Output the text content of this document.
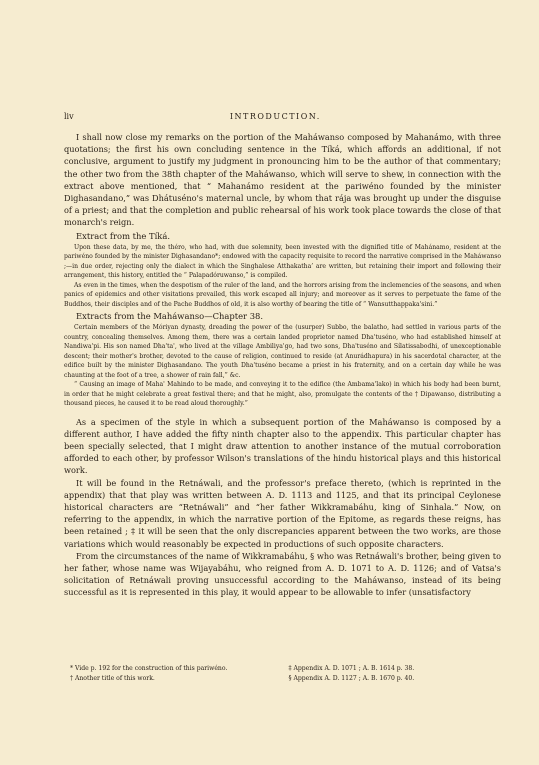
liv	INTRODUCTION.

I shall now close my remarks on the portion of the Maháwanso composed by Mahanámo, with three quotations; the first his own concluding sentence in the Tíká, which affords an additional, if not conclusive, argument to justify my judgment in pronouncing him to be the author of that commentary; the other two from the 38th chapter of the Maháwanso, which will serve to shew, in connection with the extract above mentioned, that “ Mahanámo resident at the pariwéno founded by the minister Dighasandano,” was Dhátuséno's maternal uncle, by whom that rája was brought up under the disguise of a priest; and that the completion and public rehearsal of his work took place towards the close of that monarch's reign.

Extract from the Tíká.

Upon these data, by me, the théro, who had, with due solemnity, been invested with the dignified title of Mahánamo, resident at the pariwéno founded by the minister Dighasandano*; endowed with the capacity requisite to record the narrative comprised in the Maháwanso ;—in due order, rejecting only the dialect in which the Singhalese Atthakatha’ are written, but retaining their import and following their arrangement, this history, entitled the “ Palapadóruwanso,” is compiled.

As even in the times, when the despotism of the ruler of the land, and the horrors arising from the inclemencies of the seasons, and when panics of epidemics and other visitations prevailed, this work escaped all injury; and moreover as it serves to perpetuate the fame of the Buddhos, their disciples and of the Pache Buddhos of old, it is also worthy of bearing the title of “ Wansutthappaka'sini.”

Extracts from the Maháwanso—Chapter 38.

Certain members of the Móriyan dynasty, dreading the power of the (usurper) Subbo, the balatho, had settled in various parts of the country, concealing themselves. Among them, there was a certain landed proprietor named Dha'tuséno, who had established himself at Nandiwa'pi. His son named Dha'ta', who lived at the village Ambiliya'go, had two sons, Dha'tuséno and Sílatissabodhi, of unexceptionable descent; their mother's brother, devoted to the cause of religion, continued to reside (at Anurádhapura) in his sacerdotal character, at the edifice built by the minister Dighasandano. The youth Dha'tuséno became a priest in his fraternity, and on a certain day while he was chaunting at the foot of a tree, a shower of rain fall,” &c.

“ Causing an image of Maha' Mahindo to be made, and conveying it to the edifice (the Ambama'lako) in which his body had been burnt, in order that he might celebrate a great festival there; and that he might, also, promulgate the contents of the † Dipawanso, distributing a thousand pieces, he caused it to be read aloud thoroughly.”

As a specimen of the style in which a subsequent portion of the Maháwanso is composed by a different author, I have added the fifty ninth chapter also to the appendix. This particular chapter has been specially selected, that I might draw attention to another instance of the mutual corroboration afforded to each other, by professor Wilson's translations of the hindu historical plays and this historical work.

It will be found in the Retnáwali, and the professor's preface thereto, (which is reprinted in the appendix) that that play was written between A. D. 1113 and 1125, and that its principal Ceylonese historical characters are “Retnáwali” and “her father Wikkramabáhu, king of Sinhala.” Now, on referring to the appendix, in which the narrative portion of the Epitome, as regards these reigns, has been retained ; ‡ it will be seen that the only discrepancies apparent between the two works, are those variations which would reasonably be expected in productions of such opposite characters.

From the circumstances of the name of Wikkramabáhu, § who was Retnáwali's brother, being given to her father, whose name was Wijayabáhu, who reigned from A. D. 1071 to A. D. 1126; and of Vatsa's solicitation of Retnáwali proving unsuccessful according to the Maháwanso, instead of its being successful as it is represented in this play, it would appear to be allowable to infer (unsatisfactory

* Vide p. 192 for the construction of this pariwéno.	‡ Appendix A. D. 1071 ; A. B. 1614 p. 38.
† Another title of this work.	§ Appendix A. D. 1127 ; A. B. 1670 p. 40.
